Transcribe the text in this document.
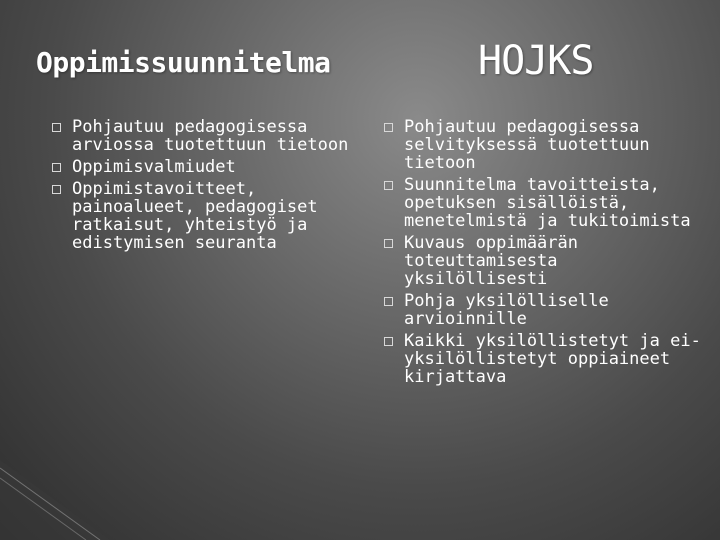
Oppimissuunnitelma	HOJKS
Pohjautuu pedagogisessa arviossa tuotettuun tietoon
Oppimisvalmiudet
Oppimistavoitteet, painoalueet, pedagogiset ratkaisut, yhteistyö ja edistymisen seuranta
Pohjautuu pedagogisessa selvityksessä tuotettuun tietoon
Suunnitelma tavoitteista, opetuksen sisällöistä, menetelmistä ja tukitoimista
Kuvaus oppimäärän toteuttamisesta yksilöllisesti
Pohja yksilölliselle arvioinnille
Kaikki yksilöllistetyt ja ei-yksilöllistetyt oppiaineet kirjattava
